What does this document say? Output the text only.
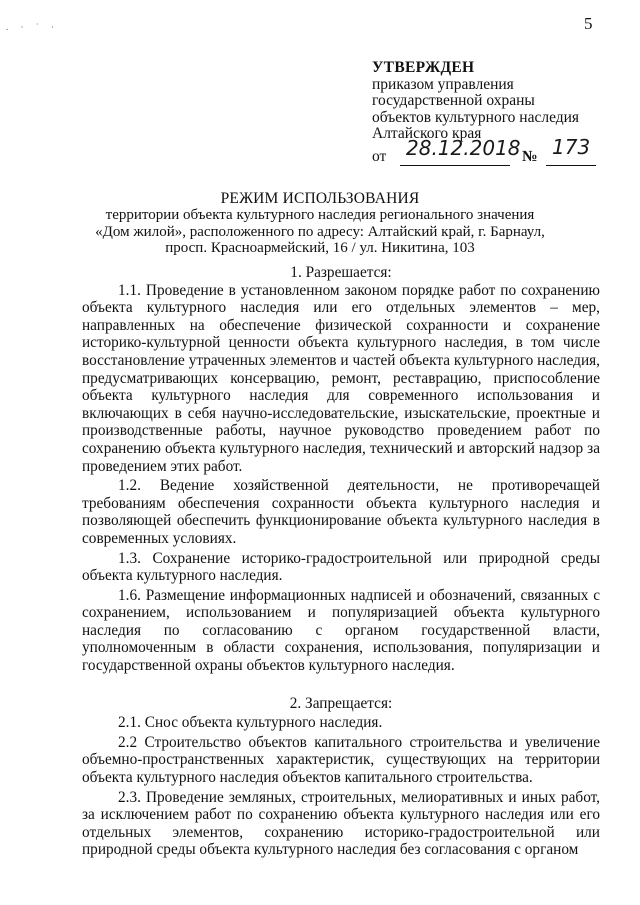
5
. · ˙ ·
УТВЕРЖДЕН
приказом управления
государственной охраны
объектов культурного наследия
Алтайского края
от 28.12.2018 № 173
РЕЖИМ ИСПОЛЬЗОВАНИЯ
территории объекта культурного наследия регионального значения
«Дом жилой», расположенного по адресу: Алтайский край, г. Барнаул,
просп. Красноармейский, 16 / ул. Никитина, 103
1. Разрешается:

1.1. Проведение в установленном законом порядке работ по сохранению объекта культурного наследия или его отдельных элементов – мер, направленных на обеспечение физической сохранности и сохранение историко-культурной ценности объекта культурного наследия, в том числе восстановление утраченных элементов и частей объекта культурного наследия, предусматривающих консервацию, ремонт, реставрацию, приспособление объекта культурного наследия для современного использования и включающих в себя научно-исследовательские, изыскательские, проектные и производственные работы, научное руководство проведением работ по сохранению объекта культурного наследия, технический и авторский надзор за проведением этих работ.

1.2. Ведение хозяйственной деятельности, не противоречащей требованиям обеспечения сохранности объекта культурного наследия и позволяющей обеспечить функционирование объекта культурного наследия в современных условиях.

1.3. Сохранение историко-градостроительной или природной среды объекта культурного наследия.

1.6. Размещение информационных надписей и обозначений, связанных с сохранением, использованием и популяризацией объекта культурного наследия по согласованию с органом государственной власти, уполномоченным в области сохранения, использования, популяризации и государственной охраны объектов культурного наследия.

2. Запрещается:

2.1. Снос объекта культурного наследия.

2.2 Строительство объектов капитального строительства и увеличение объемно-пространственных характеристик, существующих на территории объекта культурного наследия объектов капитального строительства.

2.3. Проведение земляных, строительных, мелиоративных и иных работ, за исключением работ по сохранению объекта культурного наследия или его отдельных элементов, сохранению историко-градостроительной или природной среды объекта культурного наследия без согласования с органом
